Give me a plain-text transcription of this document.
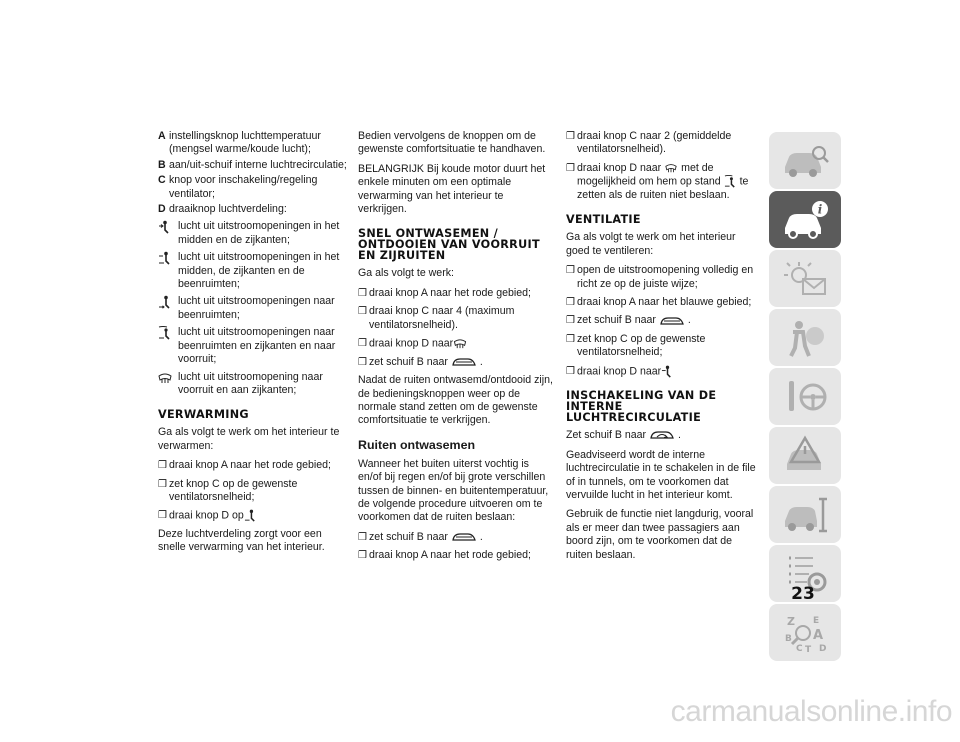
A instellingsknop luchttemperatuur (mengsel warme/koude lucht);
B aan/uit-schuif interne luchtrecirculatie;
C knop voor inschakeling/regeling ventilator;
D draaiknop luchtverdeling:
lucht uit uitstroomopeningen in het midden en de zijkanten;
lucht uit uitstroomopeningen in het midden, de zijkanten en de beenruimten;
lucht uit uitstroomopeningen naar beenruimten;
lucht uit uitstroomopeningen naar beenruimten en zijkanten en naar voorruit;
lucht uit uitstroomopening naar voorruit en aan zijkanten;
VERWARMING

Ga als volgt te werk om het interieur te verwarmen:

❒ draai knop A naar het rode gebied;
❒ zet knop C op de gewenste ventilatorsnelheid;
❒ draai knop D op

Deze luchtverdeling zorgt voor een snelle verwarming van het interieur.

Bedien vervolgens de knoppen om de gewenste comfortsituatie te handhaven.

BELANGRIJK Bij koude motor duurt het enkele minuten om een optimale verwarming van het interieur te verkrijgen.

SNEL ONTWASEMEN / ONTDOOIEN VAN VOORRUIT EN ZIJRUITEN

Ga als volgt te werk:

❒ draai knop A naar het rode gebied;
❒ draai knop C naar 4 (maximum ventilatorsnelheid).
❒ draai knop D naar
❒ zet schuif B naar	.

Nadat de ruiten ontwasemd/ontdooid zijn, de bedieningsknoppen weer op de normale stand zetten om de gewenste comfortsituatie te verkrijgen.

Ruiten ontwasemen

Wanneer het buiten uiterst vochtig is en/of bij regen en/of bij grote verschillen tussen de binnen- en buitentemperatuur, de volgende procedure uitvoeren om te voorkomen dat de ruiten beslaan:

❒ zet schuif B naar	.
❒ draai knop A naar het rode gebied;
❒ draai knop C naar 2 (gemiddelde ventilatorsnelheid).
❒ draai knop D naar met de mogelijkheid om hem op stand te zetten als de ruiten niet beslaan.
VENTILATIE

Ga als volgt te werk om het interieur goed te ventileren:

❒ open de uitstroomopening volledig en richt ze op de juiste wijze;
❒ draai knop A naar het blauwe gebied;
❒ zet schuif B naar	.
❒ zet knop C op de gewenste ventilatorsnelheid;
❒ draai knop D naar
INSCHAKELING VAN DE INTERNE LUCHTRECIRCULATIE

Zet schuif B naar	.

Geadviseerd wordt de interne luchtrecirculatie in te schakelen in de file of in tunnels, om te voorkomen dat vervuilde lucht in het interieur komt.

Gebruik de functie niet langdurig, vooral als er meer dan twee passagiers aan boord zijn, om te voorkomen dat de ruiten beslaan.

i
Z E
B A
C T D
23
carmanualsonline.info
